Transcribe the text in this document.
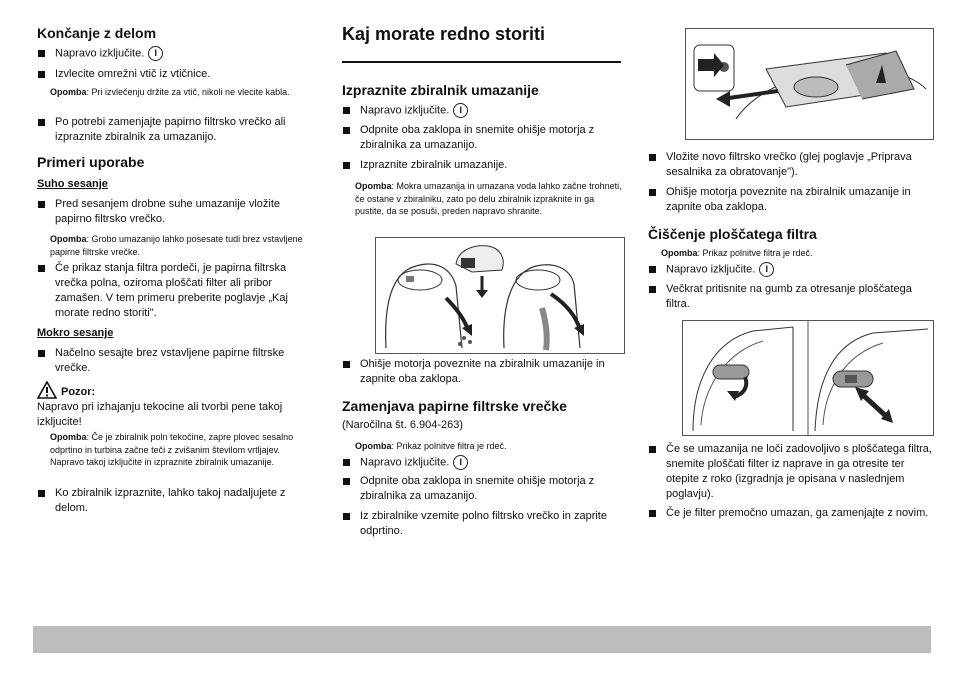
Končanje z delom
Napravo izključite. I
Izvlecite omrežni vtič iz vtičnice.
Opomba: Pri izvlečenju držite za vtič, nikoli ne vlecite kabla.
Po potrebi zamenjajte papirno filtrsko vrečko ali izpraznite zbiralnik za umazanijo.
Primeri uporabe
Suho sesanje
Pred sesanjem drobne suhe umazanije vložite papirno filtrsko vrečko.
Opomba: Grobo umazanijo lahko posesate tudi brez vstavljene papirne filtrske vrečke.
Če prikaz stanja filtra pordeči, je papirna filtrska vrečka polna, oziroma ploščati filter ali pribor zamašen. V tem primeru preberite poglavje „Kaj morate redno storiti".
Mokro sesanje
Načelno sesajte brez vstavljene papirne filtrske vrečke.
Pozor:
Napravo pri izhajanju tekocine ali tvorbi pene takoj izkljucite!
Opomba: Če je zbiralnik poln tekočine, zapre plovec sesalno odprtino in turbina začne teči z zvišanim številom vrtljajev. Napravo takoj izključite in izpraznite zbiralnik umazanije.
Ko zbiralnik izpraznite, lahko takoj nadaljujete z delom.
Kaj morate redno storiti
Izpraznite zbiralnik umazanije
Napravo izključite. I
Odpnite oba zaklopa in snemite ohišje motorja z zbiralnika za umazanijo.
Izpraznite zbiralnik umazanije.
Opomba: Mokra umazanija in umazana voda lahko začne trohneti, če ostane v zbiralniku, zato po delu zbiralnik izpraknite in ga pustite, da se posuši, preden napravo shranite.
Ohišje motorja poveznite na zbiralnik umazanije in zapnite oba zaklopa.
Zamenjava papirne filtrske vrečke
(Naročilna št. 6.904-263)
Opomba: Prikaz polnitve filtra je rdeč.
Napravo izključite. I
Odpnite oba zaklopa in snemite ohišje motorja z zbiralnika za umazanijo.
Iz zbiralnike vzemite polno filtrsko vrečko in zaprite odprtino.
Vložite novo filtrsko vrečko (glej poglavje „Priprava sesalnika za obratovanje").
Ohišje motorja poveznite na zbiralnik umazanije in zapnite oba zaklopa.
Čiščenje ploščatega filtra
Opomba: Prikaz polnitve filtra je rdeč.
Napravo izključite. I
Večkrat pritisnite na gumb za otresanje ploščatega filtra.
Če se umazanija ne loči zadovoljivo s ploščatega filtra, snemite ploščati filter iz naprave in ga otresite ter otepite z roko (izgradnja je opisana v naslednjem poglavju).
Če je filter premočno umazan, ga zamenjajte z novim.
